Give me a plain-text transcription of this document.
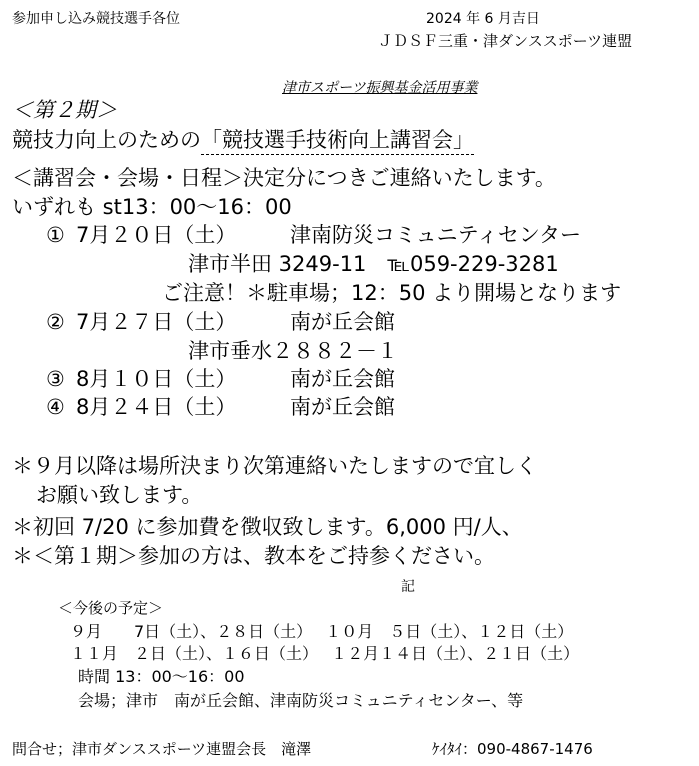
参加申し込み競技選手各位	2024 年 6 月吉日
ＪＤＳＦ三重・津ダンススポーツ連盟
津市スポーツ振興基金活用事業
＜第２期＞
競技力向上のための「競技選手技術向上講習会」
＜講習会・会場・日程＞決定分につきご連絡いたします。
いずれも st13：00～16：00
① 7月２０日（土）	津南防災コミュニティセンター
津市半田 3249-11　℡059-229-3281
ご注意！＊駐車場；12：50 より開場となります
② 7月２７日（土）	南が丘会館
津市垂水２８８２－１
③ 8月１０日（土）	南が丘会館
④ 8月２４日（土）	南が丘会館
＊９月以降は場所決まり次第連絡いたしますので宜しく
お願い致します。
＊初回 7/20 に参加費を徴収致します。6,000 円/人、
＊＜第１期＞参加の方は、教本をご持参ください。
記
＜今後の予定＞
９月　　7日（土）、２８日（土）　 １０月　５日（土）、１２日（土）
１１月　２日（土）、１６日（土）　 １２月１４日（土）、２１日（土）
時間 13：00～16：00
会場；津市　南が丘会館、津南防災コミュニティセンター、等
問合せ；津市ダンススポーツ連盟会長　滝澤	ｹｲﾀｲ：090-4867-1476
